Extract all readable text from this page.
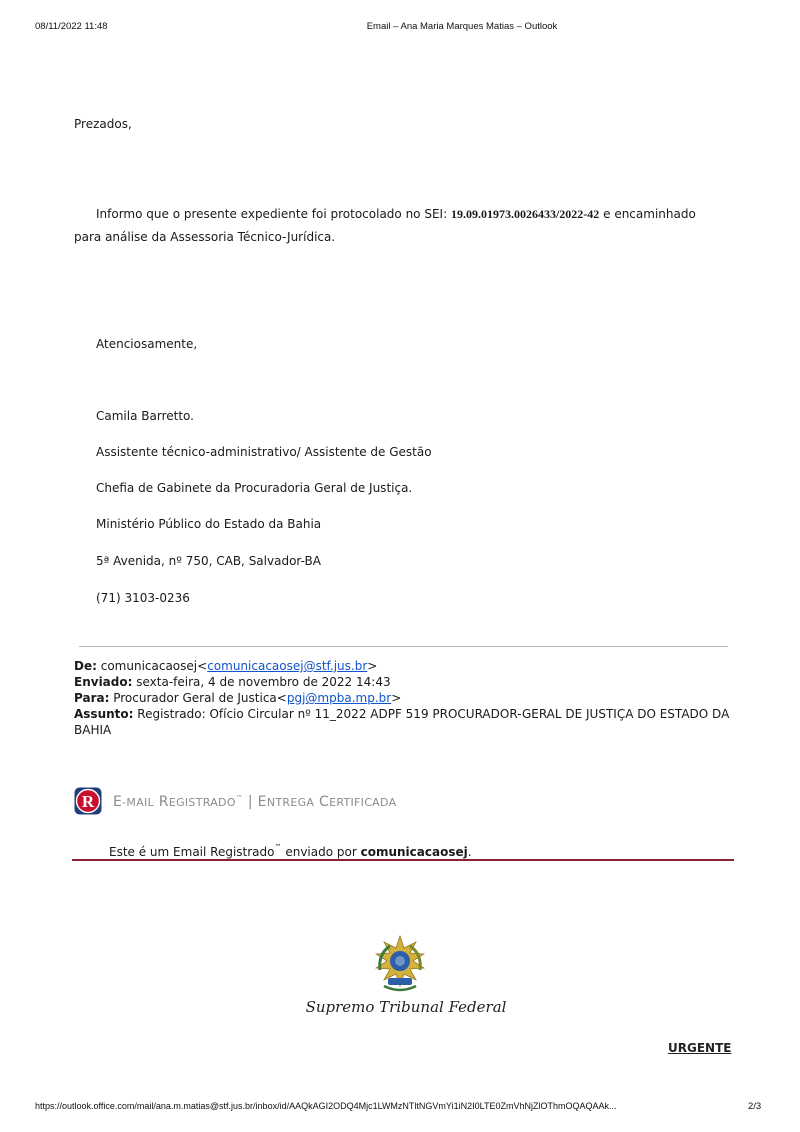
08/11/2022 11:48	Email – Ana Maria Marques Matias – Outlook
Prezados,
Informo que o presente expediente foi protocolado no SEI: 19.09.01973.0026433/2022-42 e encaminhado
para análise da Assessoria Técnico-Jurídica.
Atenciosamente,
Camila Barretto.
Assistente técnico-administrativo/ Assistente de Gestão
Chefia de Gabinete da Procuradoria Geral de Justiça.
Ministério Público do Estado da Bahia
5ª Avenida, nº 750, CAB, Salvador-BA
(71) 3103-0236
De: comunicacaosej<comunicacaosej@stf.jus.br>
Enviado: sexta-feira, 4 de novembro de 2022 14:43
Para: Procurador Geral de Justica<pgj@mpba.mp.br>
Assunto: Registrado: Ofício Circular nº 11_2022 ADPF 519 PROCURADOR-GERAL DE JUSTIÇA DO ESTADO DA
BAHIA
R E-MAIL REGISTRADO™ | ENTREGA CERTIFICADA
Este é um Email Registrado™ enviado por comunicacaosej.
Supremo Tribunal Federal
URGENTE
https://outlook.office.com/mail/ana.m.matias@stf.jus.br/inbox/id/AAQkAGI2ODQ4Mjc1LWMzNTltNGVmYi1iN2I0LTE0ZmVhNjZlOThmOQAQAAk...	2/3
